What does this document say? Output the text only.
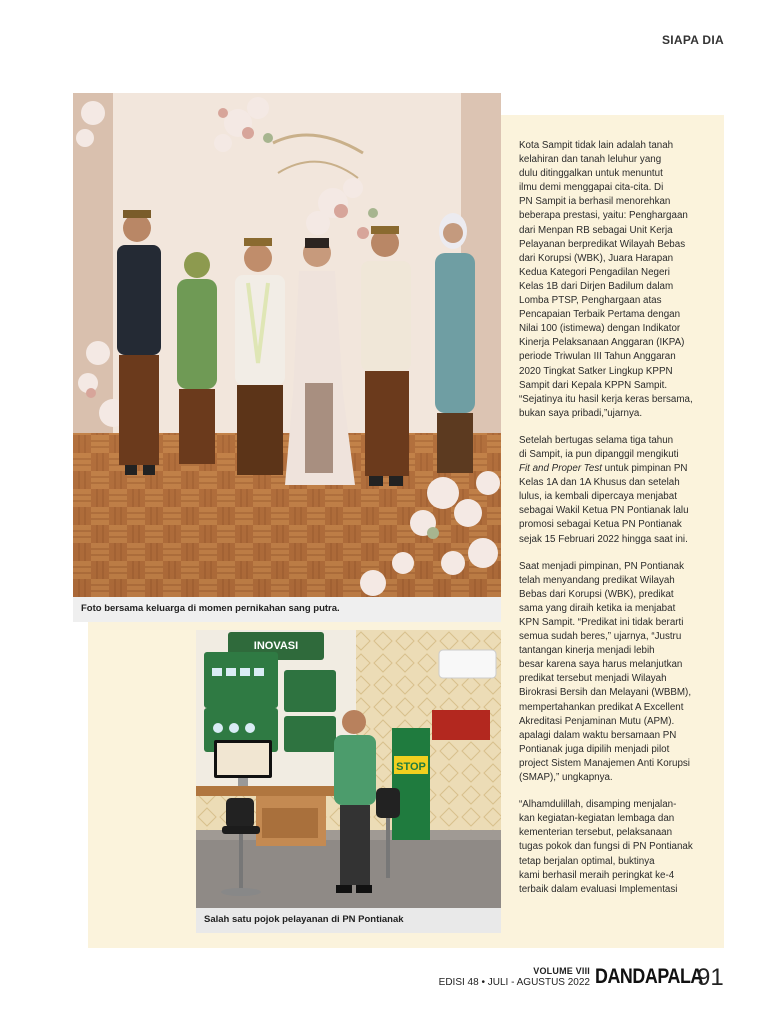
SIAPA DIA
Foto bersama keluarga di momen pernikahan sang putra.
INOVASI
STOP
Salah satu pojok pelayanan di PN Pontianak

Kota Sampit tidak lain adalah tanah
kelahiran dan tanah leluhur yang
dulu ditinggalkan untuk menuntut
ilmu demi menggapai cita-cita. Di
PN Sampit ia berhasil menorehkan
beberapa prestasi, yaitu: Penghargaan
dari Menpan RB sebagai Unit Kerja
Pelayanan berpredikat Wilayah Bebas
dari Korupsi (WBK), Juara Harapan
Kedua Kategori Pengadilan Negeri
Kelas 1B dari Dirjen Badilum dalam
Lomba PTSP, Penghargaan atas
Pencapaian Terbaik Pertama dengan
Nilai 100 (istimewa) dengan Indikator
Kinerja Pelaksanaan Anggaran (IKPA)
periode Triwulan III Tahun Anggaran
2020 Tingkat Satker Lingkup KPPN
Sampit dari Kepala KPPN Sampit.
“Sejatinya itu hasil kerja keras bersama,
bukan saya pribadi,”ujarnya.

Setelah bertugas selama tiga tahun
di Sampit, ia pun dipanggil mengikuti
Fit and Proper Test untuk pimpinan PN
Kelas 1A dan 1A Khusus dan setelah
lulus, ia kembali dipercaya menjabat
sebagai Wakil Ketua PN Pontianak lalu
promosi sebagai Ketua PN Pontianak
sejak 15 Februari 2022 hingga saat ini.

Saat menjadi pimpinan, PN Pontianak
telah menyandang predikat Wilayah
Bebas dari Korupsi (WBK), predikat
sama yang diraih ketika ia menjabat
KPN Sampit. “Predikat ini tidak berarti
semua sudah beres,” ujarnya, “Justru
tantangan kinerja menjadi lebih
besar karena saya harus melanjutkan
predikat tersebut menjadi Wilayah
Birokrasi Bersih dan Melayani (WBBM),
mempertahankan predikat A Excellent
Akreditasi Penjaminan Mutu (APM).
apalagi dalam waktu bersamaan PN
Pontianak juga dipilih menjadi pilot
project Sistem Manajemen Anti Korupsi
(SMAP),” ungkapnya.

“Alhamdulillah, disamping menjalan-
kan kegiatan-kegiatan lembaga dan
kementerian tersebut, pelaksanaan
tugas pokok dan fungsi di PN Pontianak
tetap berjalan optimal, buktinya
kami berhasil meraih peringkat ke-4
terbaik dalam evaluasi Implementasi

VOLUME VIII
EDISI 48 • JULI - AGUSTUS 2022 DANDAPALA
91
